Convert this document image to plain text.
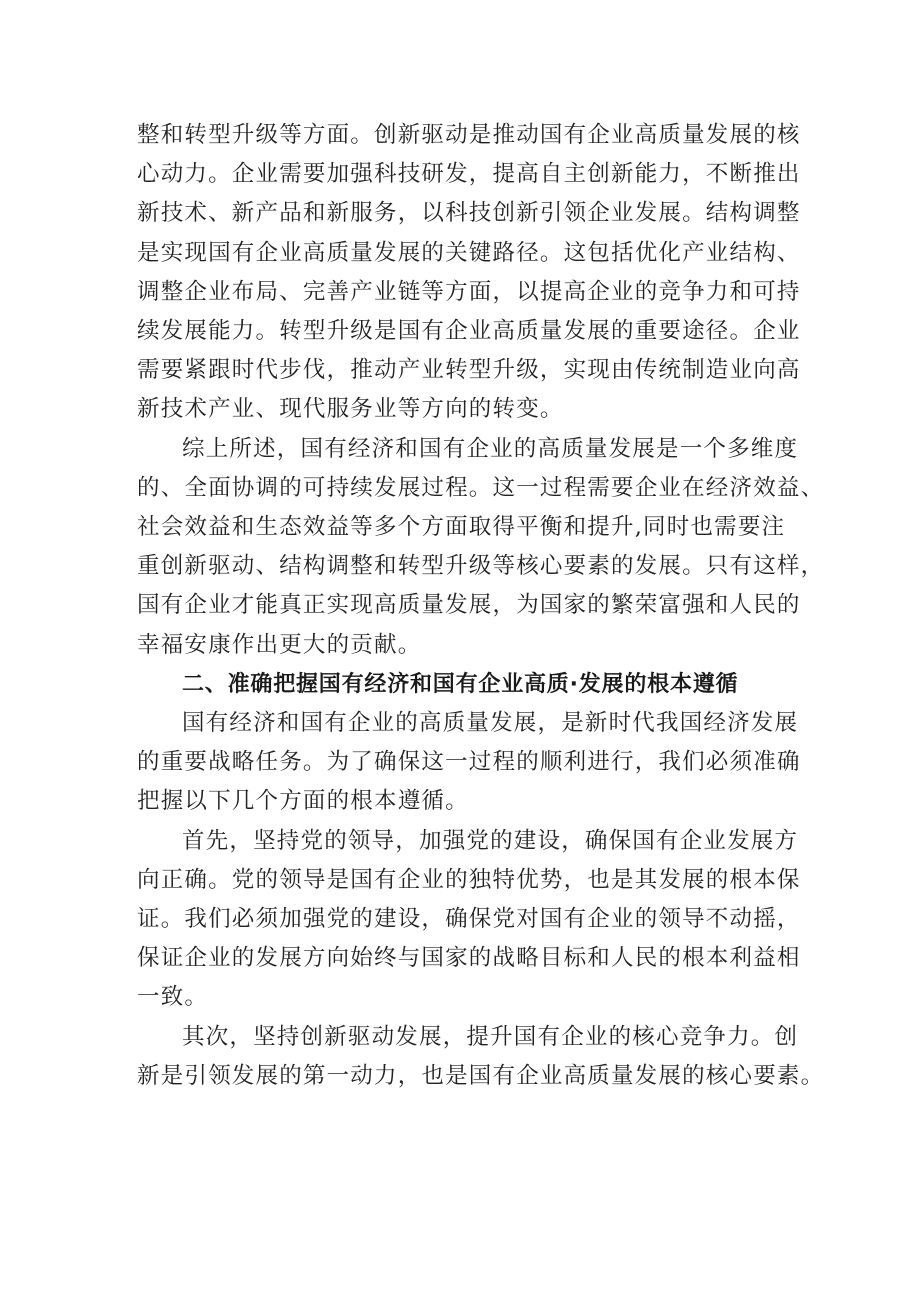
整和转型升级等方面。创新驱动是推动国有企业高质量发展的核
心动力。企业需要加强科技研发，提高自主创新能力，不断推出
新技术、新产品和新服务，以科技创新引领企业发展。结构调整
是实现国有企业高质量发展的关键路径。这包括优化产业结构、
调整企业布局、完善产业链等方面，以提高企业的竞争力和可持
续发展能力。转型升级是国有企业高质量发展的重要途径。企业
需要紧跟时代步伐，推动产业转型升级，实现由传统制造业向高
新技术产业、现代服务业等方向的转变。

综上所述，国有经济和国有企业的高质量发展是一个多维度
的、全面协调的可持续发展过程。这一过程需要企业在经济效益、
社会效益和生态效益等多个方面取得平衡和提升,同时也需要注
重创新驱动、结构调整和转型升级等核心要素的发展。只有这样，
国有企业才能真正实现高质量发展，为国家的繁荣富强和人民的
幸福安康作出更大的贡献。

二、准确把握国有经济和国有企业高质·发展的根本遵循

国有经济和国有企业的高质量发展，是新时代我国经济发展
的重要战略任务。为了确保这一过程的顺利进行，我们必须准确
把握以下几个方面的根本遵循。

首先，坚持党的领导，加强党的建设，确保国有企业发展方
向正确。党的领导是国有企业的独特优势，也是其发展的根本保
证。我们必须加强党的建设，确保党对国有企业的领导不动摇，
保证企业的发展方向始终与国家的战略目标和人民的根本利益相
一致。

其次，坚持创新驱动发展，提升国有企业的核心竞争力。创
新是引领发展的第一动力，也是国有企业高质量发展的核心要素。
